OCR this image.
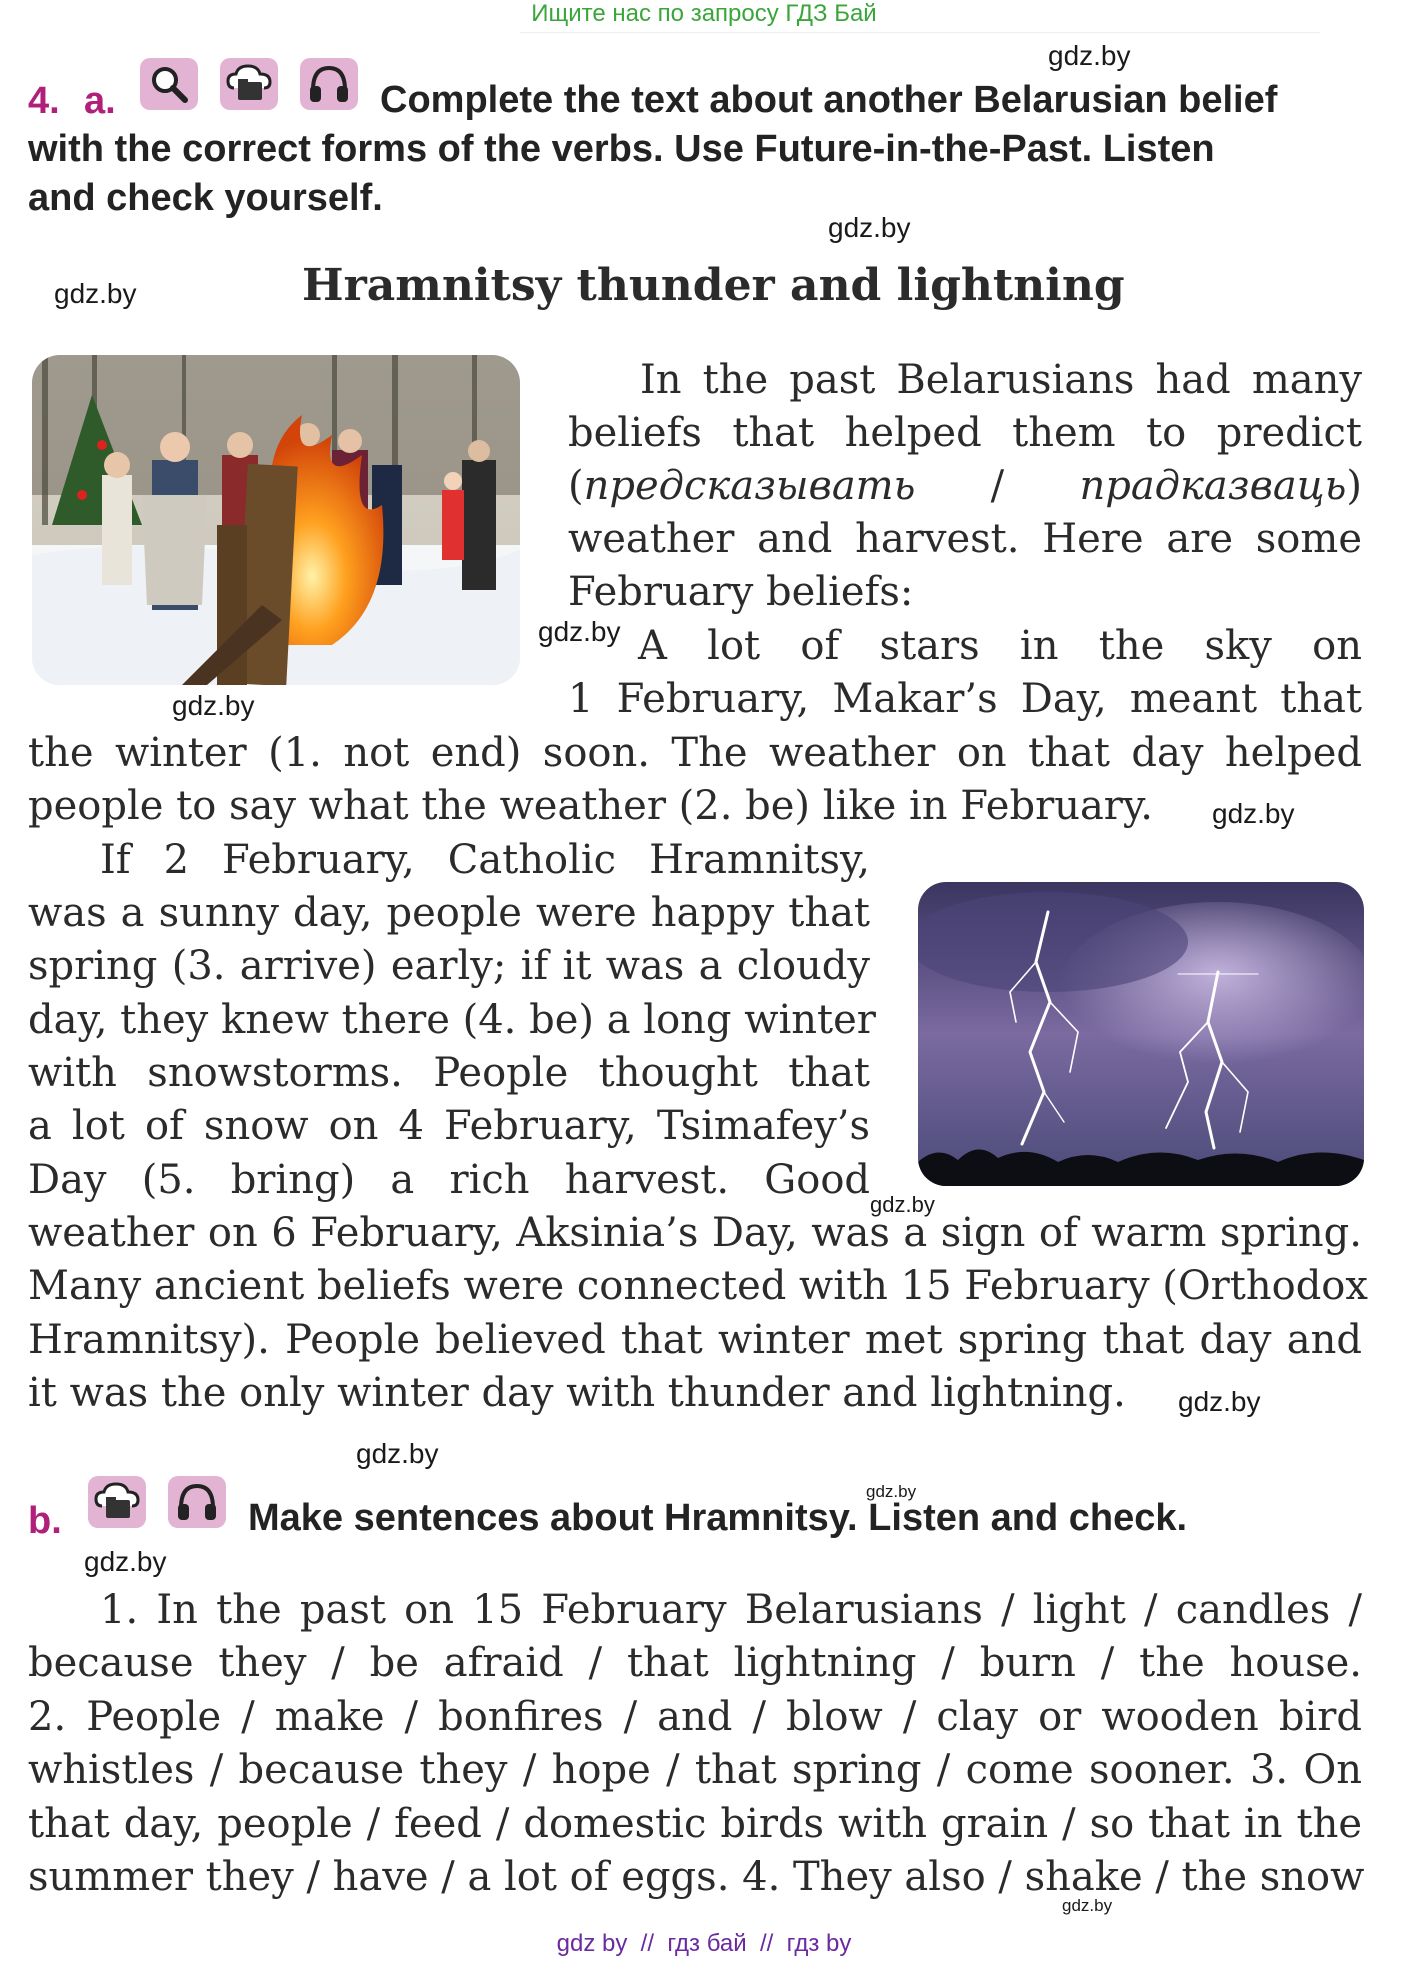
Ищите нас по запросу ГДЗ Бай
gdz.by
gdz.by
gdz.by
gdz.by
gdz.by
gdz.by
gdz.by
gdz.by
gdz.by
gdz.by
gdz.by
gdz.by
4. a.	Complete the text about another Belarusian belief
with the correct forms of the verbs. Use Future-in-the-Past. Listen
and check yourself.
Hramnitsy thunder and lightning
In the past Belarusians had many
beliefs that helped them to predict
(предсказывать / прадказваць)
weather and harvest. Here are some
February beliefs:
A lot of stars in the sky on
1 February, Makar’s Day, meant that
the winter (1. not end) soon. The weather on that day helped
people to say what the weather (2. be) like in February.
If 2 February, Catholic Hramnitsy,
was a sunny day, people were happy that
spring (3. arrive) early; if it was a cloudy
day, they knew there (4. be) a long winter
with snowstorms. People thought that
a lot of snow on 4 February, Tsimafey’s
Day (5. bring) a rich harvest. Good
weather on 6 February, Aksinia’s Day, was a sign of warm spring.
Many ancient beliefs were connected with 15 February (Orthodox
Hramnitsy). People believed that winter met spring that day and
it was the only winter day with thunder and lightning.
b.	Make sentences about Hramnitsy. Listen and check.
1. In the past on 15 February Belarusians / light / candles /
because they / be afraid / that lightning / burn / the house.
2. People / make / bonfires / and / blow / clay or wooden bird
whistles / because they / hope / that spring / come sooner. 3. On
that day, people / feed / domestic birds with grain / so that in the
summer they / have / a lot of eggs. 4. They also / shake / the snow
gdz by  //  гдз бай  //  гдз by
